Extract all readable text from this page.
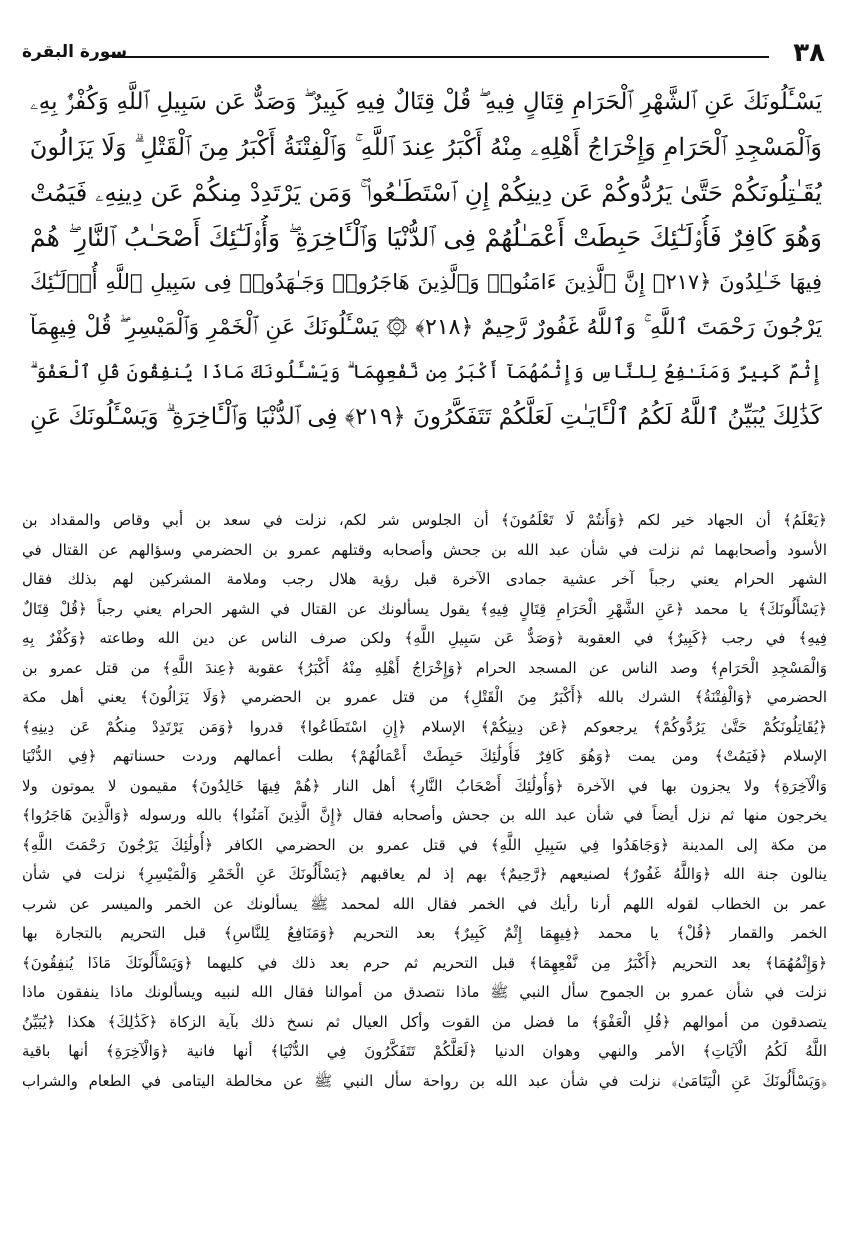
٣٨
سورة البقرة
يَسْـَٔلُونَكَ عَنِ ٱلشَّهْرِ ٱلْحَرَامِ قِتَالٍ فِيهِ ۖ قُلْ قِتَالٌ فِيهِ كَبِيرٌ ۖ وَصَدٌّ عَن سَبِيلِ ٱللَّهِ وَكُفْرٌۢ بِهِۦ
وَٱلْمَسْجِدِ ٱلْحَرَامِ وَإِخْرَاجُ أَهْلِهِۦ مِنْهُ أَكْبَرُ عِندَ ٱللَّهِ ۚ وَٱلْفِتْنَةُ أَكْبَرُ مِنَ ٱلْقَتْلِ ۗ وَلَا يَزَالُونَ
يُقَـٰتِلُونَكُمْ حَتَّىٰ يَرُدُّوكُمْ عَن دِينِكُمْ إِنِ ٱسْتَطَـٰعُوا۟ ۚ وَمَن يَرْتَدِدْ مِنكُمْ عَن دِينِهِۦ فَيَمُتْ
وَهُوَ كَافِرٌ فَأُو۟لَـٰٓئِكَ حَبِطَتْ أَعْمَـٰلُهُمْ فِى ٱلدُّنْيَا وَٱلْـَٔاخِرَةِ ۖ وَأُو۟لَـٰٓئِكَ أَصْحَـٰبُ ٱلنَّارِ ۖ هُمْ
فِيهَا خَـٰلِدُونَ ﴿٢١٧﴾ إِنَّ ٱلَّذِينَ ءَامَنُوا۟ وَٱلَّذِينَ هَاجَرُوا۟ وَجَـٰهَدُوا۟ فِى سَبِيلِ ٱللَّهِ أُو۟لَـٰٓئِكَ
يَرْجُونَ رَحْمَتَ ٱللَّهِ ۚ وَٱللَّهُ غَفُورٌ رَّحِيمٌ ﴿٢١٨﴾ ۞ يَسْـَٔلُونَكَ عَنِ ٱلْخَمْرِ وَٱلْمَيْسِرِ ۖ قُلْ فِيهِمَآ
إِثْمٌ كَبِيرٌ وَمَنَـٰفِعُ لِلنَّاسِ وَإِثْمُهُمَآ أَكْبَرُ مِن نَّفْعِهِمَا ۗ وَيَسْـَٔلُونَكَ مَاذَا يُنفِقُونَ قُلِ ٱلْعَفْوَ ۗ
كَذَٰلِكَ يُبَيِّنُ ٱللَّهُ لَكُمُ ٱلْـَٔايَـٰتِ لَعَلَّكُمْ تَتَفَكَّرُونَ ﴿٢١٩﴾ فِى ٱلدُّنْيَا وَٱلْـَٔاخِرَةِ ۗ وَيَسْـَٔلُونَكَ عَنِ
﴿يَعْلَمُ﴾ أن الجهاد خير لكم ﴿وَأَنتُمْ لَا تَعْلَمُونَ﴾ أن الجلوس شر لكم، نزلت في سعد بن أبي وقاص والمقداد بن
الأسود وأصحابهما ثم نزلت في شأن عبد الله بن جحش وأصحابه وقتلهم عمرو بن الحضرمي وسؤالهم عن القتال في
الشهر الحرام يعني رجباً آخر عشية جمادى الآخرة قبل رؤية هلال رجب وملامة المشركين لهم بذلك فقال
﴿يَسْأَلُونَكَ﴾ يا محمد ﴿عَنِ الشَّهْرِ الْحَرَامِ قِتَالٍ فِيهِ﴾ يقول يسألونك عن القتال في الشهر الحرام يعني رجباً ﴿قُلْ قِتَالٌ
فِيهِ﴾ في رجب ﴿كَبِيرٌ﴾ في العقوبة ﴿وَصَدٌّ عَن سَبِيلِ اللَّهِ﴾ ولكن صرف الناس عن دين الله وطاعته ﴿وَكُفْرٌ بِهِ
وَالْمَسْجِدِ الْحَرَامِ﴾ وصد الناس عن المسجد الحرام ﴿وَإِخْرَاجُ أَهْلِهِ مِنْهُ أَكْبَرُ﴾ عقوبة ﴿عِندَ اللَّهِ﴾ من قتل عمرو بن
الحضرمي ﴿وَالْفِتْنَةُ﴾ الشرك بالله ﴿أَكْبَرُ مِنَ الْقَتْلِ﴾ من قتل عمرو بن الحضرمي ﴿وَلَا يَزَالُونَ﴾ يعني أهل مكة
﴿يُقَاتِلُونَكُمْ حَتَّىٰ يَرُدُّوكُمْ﴾ يرجعوكم ﴿عَن دِينِكُمْ﴾ الإسلام ﴿إِنِ اسْتَطَاعُوا﴾ قدروا ﴿وَمَن يَرْتَدِدْ مِنكُمْ عَن دِينِهِ﴾
الإسلام ﴿فَيَمُتْ﴾ ومن يمت ﴿وَهُوَ كَافِرٌ فَأُولَٰئِكَ حَبِطَتْ أَعْمَالُهُمْ﴾ بطلت أعمالهم وردت حسناتهم ﴿فِي الدُّنْيَا
وَالْآخِرَةِ﴾ ولا يجزون بها في الآخرة ﴿وَأُولَٰئِكَ أَصْحَابُ النَّارِ﴾ أهل النار ﴿هُمْ فِيهَا خَالِدُونَ﴾ مقيمون لا يموتون ولا
يخرجون منها ثم نزل أيضاً في شأن عبد الله بن جحش وأصحابه فقال ﴿إِنَّ الَّذِينَ آمَنُوا﴾ بالله ورسوله ﴿وَالَّذِينَ هَاجَرُوا﴾
من مكة إلى المدينة ﴿وَجَاهَدُوا فِي سَبِيلِ اللَّهِ﴾ في قتل عمرو بن الحضرمي الكافر ﴿أُولَٰئِكَ يَرْجُونَ رَحْمَتَ اللَّهِ﴾
ينالون جنة الله ﴿وَاللَّهُ غَفُورٌ﴾ لصنيعهم ﴿رَّحِيمٌ﴾ بهم إذ لم يعاقبهم ﴿يَسْأَلُونَكَ عَنِ الْخَمْرِ وَالْمَيْسِرِ﴾ نزلت في شأن
عمر بن الخطاب لقوله اللهم أرنا رأيك في الخمر فقال الله لمحمد ﷺ يسألونك عن الخمر والميسر عن شرب
الخمر والقمار ﴿قُلْ﴾ يا محمد ﴿فِيهِمَا إِثْمٌ كَبِيرٌ﴾ بعد التحريم ﴿وَمَنَافِعُ لِلنَّاسِ﴾ قبل التحريم بالتجارة بها
﴿وَإِثْمُهُمَا﴾ بعد التحريم ﴿أَكْبَرُ مِن نَّفْعِهِمَا﴾ قبل التحريم ثم حرم بعد ذلك في كليهما ﴿وَيَسْأَلُونَكَ مَاذَا يُنفِقُونَ﴾
نزلت في شأن عمرو بن الجموح سأل النبي ﷺ ماذا نتصدق من أموالنا فقال الله لنبيه ويسألونك ماذا ينفقون ماذا
يتصدقون من أموالهم ﴿قُلِ الْعَفْوَ﴾ ما فضل من القوت وأكل العيال ثم نسخ ذلك بآية الزكاة ﴿كَذَٰلِكَ﴾ هكذا ﴿يُبَيِّنُ
اللَّهُ لَكُمُ الْآيَاتِ﴾ الأمر والنهي وهوان الدنيا ﴿لَعَلَّكُمْ تَتَفَكَّرُونَ فِي الدُّنْيَا﴾ أنها فانية ﴿وَالْآخِرَةِ﴾ أنها باقية
﴿وَيَسْأَلُونَكَ عَنِ الْيَتَامَىٰ﴾ نزلت في شأن عبد الله بن رواحة سأل النبي ﷺ عن مخالطة اليتامى في الطعام والشراب
